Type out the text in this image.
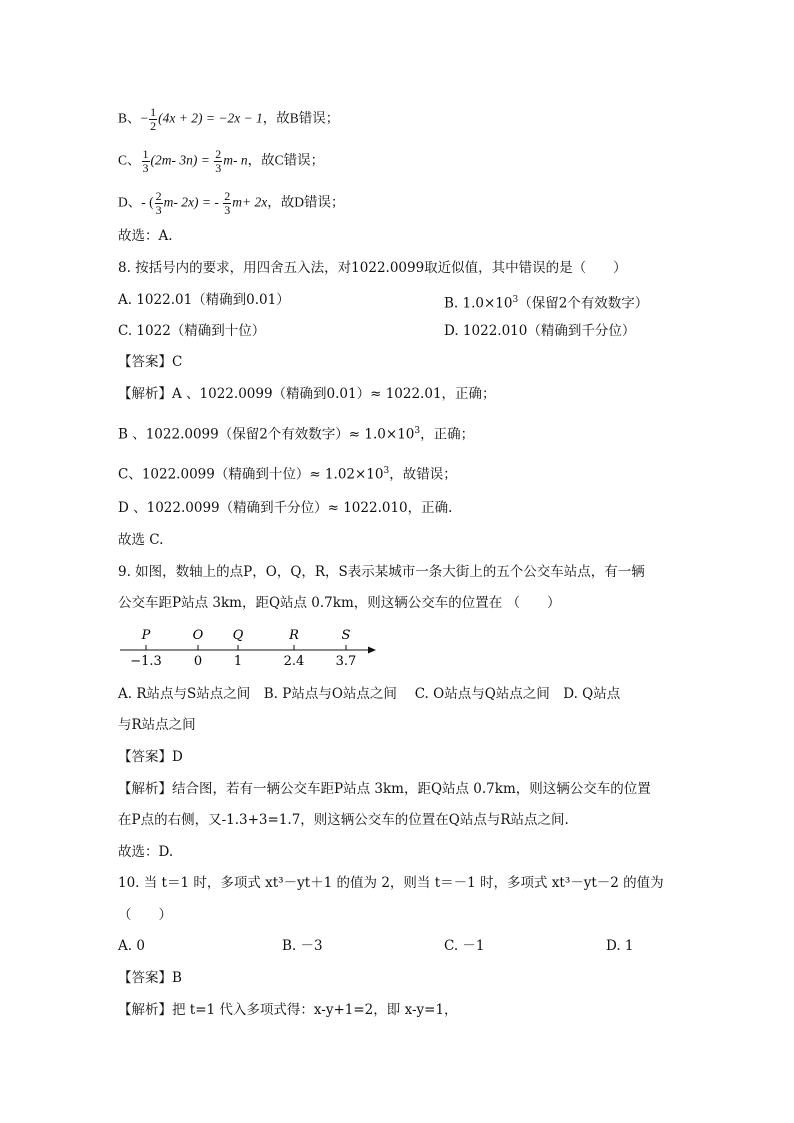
B、− $\frac{1}{2} (4x + 2) = -2x - 1$，故B错误；
C、 $\frac{1}{3} (2m-$ $3n) = \frac{2}{3} m-$ n，故C错误；
D、- ( $\frac{2}{3} m-$ 2x) = - $\frac{2}{3} m+ 2x$，故D错误；
故选：A.
8. 按括号内的要求，用四舍五入法，对1022.0099取近似值，其中错误的是（　　）
A. 1022.01（精确到0.01）	B. $1.0\times 10^3$（保留2个有效数字）
C. 1022（精确到十位）	D. 1022.010（精确到千分位）
【答案】C
【解析】A 、1022.0099（精确到0.01）≈ 1022.01，正确；
B 、1022.0099（保留2个有效数字）≈ $1.0\times 10^3$，正确；
C、1022.0099（精确到十位）≈ $1.02\times 10^3$，故错误；
D 、1022.0099（精确到千分位）≈ 1022.010，正确.
故选 C.
9. 如图，数轴上的点P，O，Q，R，S表示某城市一条大街上的五个公交车站点，有一辆
公交车距P站点 3km，距Q站点 0.7km，则这辆公交车的位置在 （　　）
P
−1.3
O
0
Q
1
R
2.4
S
3.7
A. R站点与S站点之间　B. P站点与O站点之间　 C. O站点与Q站点之间　D. Q站点
与R站点之间
【答案】D
【解析】结合图，若有一辆公交车距P站点 3km，距Q站点 0.7km，则这辆公交车的位置
在P点的右侧，又-1.3+3=1.7，则这辆公交车的位置在Q站点与R站点之间.
故选：D.
10. 当 t＝1 时，多项式 xt³－yt＋1 的值为 2，则当 t＝－1 时，多项式 xt³－yt－2 的值为
（　　）
A. 0	B. －3	C. －1	D. 1
【答案】B
【解析】把 t=1 代入多项式得：x-y+1=2，即 x-y=1，
